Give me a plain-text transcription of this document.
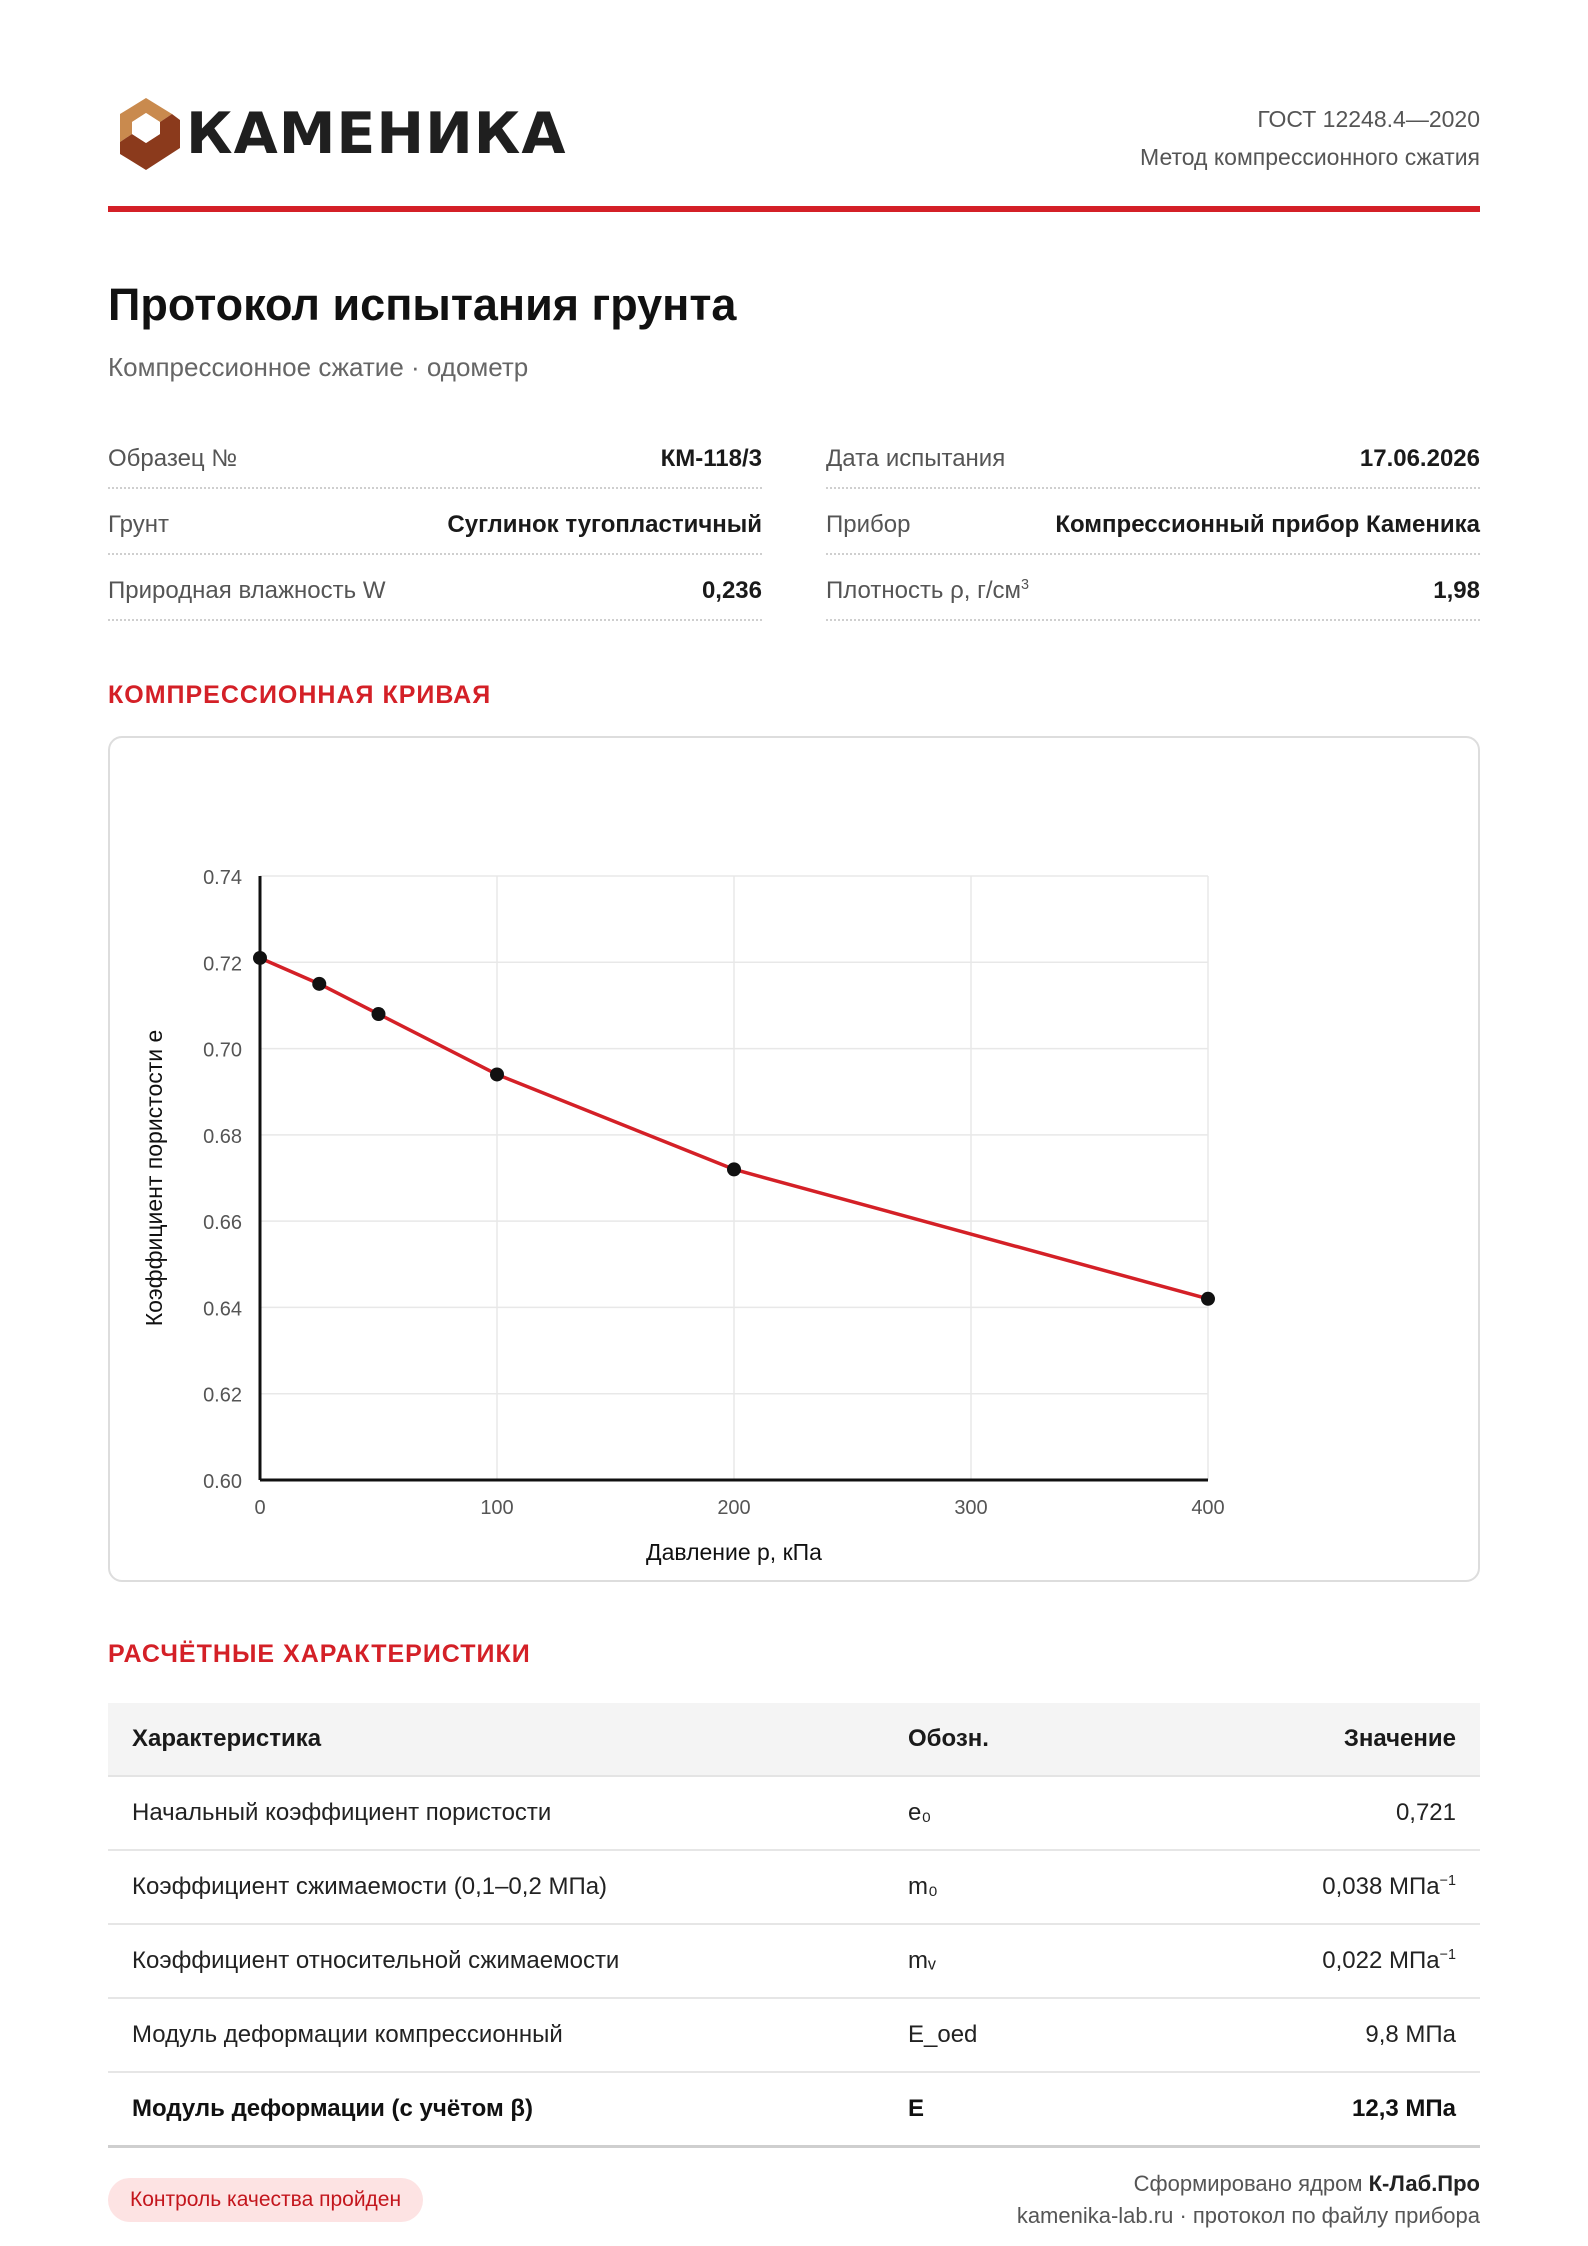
КАМЕНИКА	ГОСТ 12248.4—2020
Метод компрессионного сжатия
Протокол испытания грунта
Компрессионное сжатие · одометр
Образец №	КМ-118/3	Дата испытания	17.06.2026
Грунт	Суглинок тугопластичный	Прибор	Компрессионный прибор Каменика
Природная влажность W	0,236	Плотность ρ, $г/см^3$	1,98
КОМПРЕССИОННАЯ КРИВАЯ
0.60
0.62
0.64
0.66
0.68
0.70
0.72
0.74
0	100	200	300	400
Давление p, кПа
Коэффициент пористости e
РАСЧЁТНЫЕ ХАРАКТЕРИСТИКИ
Характеристика	Обозн.	Значение
Начальный коэффициент пористости	e₀	0,721
Коэффициент сжимаемости (0,1–0,2 МПа)	m₀	0,038 МПа$^{-1}$
Коэффициент относительной сжимаемости	mᵥ	0,022 МПа$^{-1}$
Модуль деформации компрессионный	E_oed	9,8 МПа
Модуль деформации (с учётом β)	E	12,3 МПа
Контроль качества пройден
Сформировано ядром К-Лаб.Про
kamenika-lab.ru · протокол по файлу прибора
